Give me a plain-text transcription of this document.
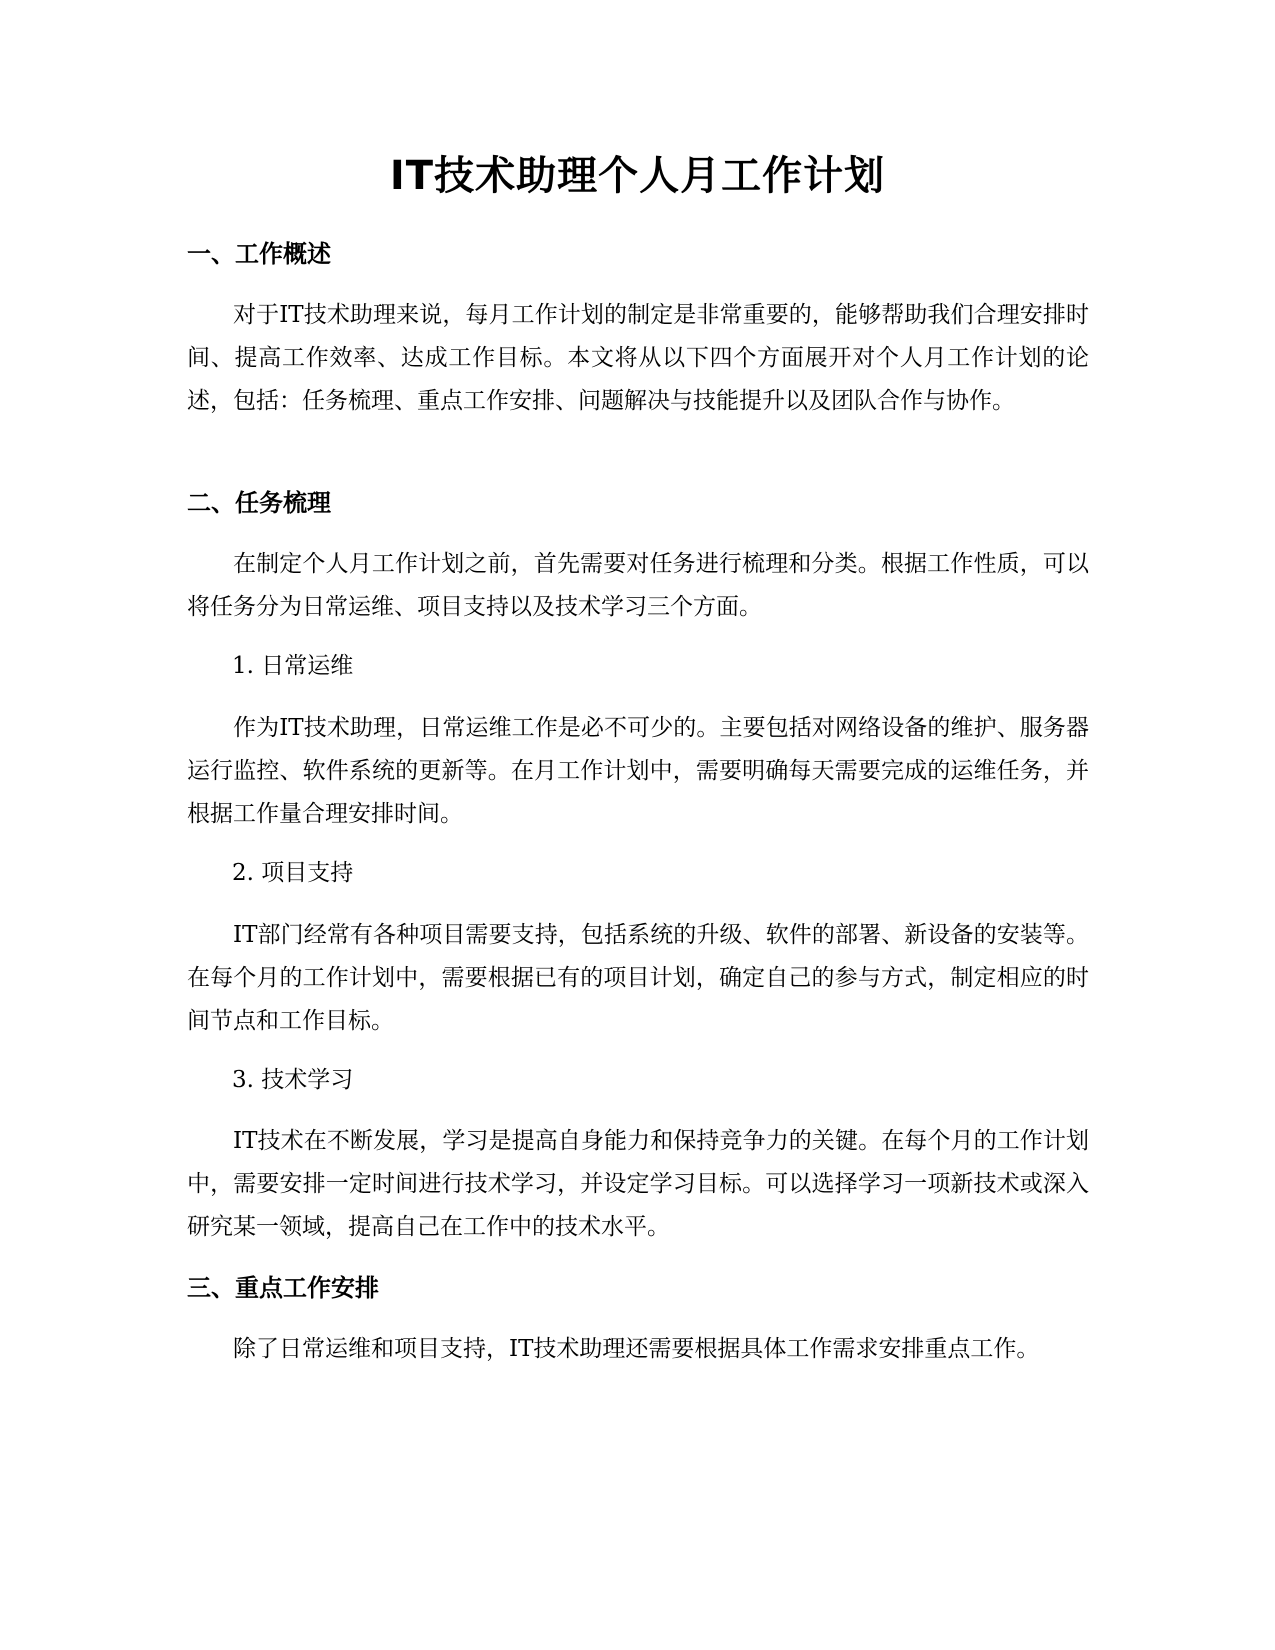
IT技术助理个人月工作计划
一、工作概述
对于IT技术助理来说，每月工作计划的制定是非常重要的，能够帮助我们合理安排时间、提高工作效率、达成工作目标。本文将从以下四个方面展开对个人月工作计划的论述，包括：任务梳理、重点工作安排、问题解决与技能提升以及团队合作与协作。
二、任务梳理
在制定个人月工作计划之前，首先需要对任务进行梳理和分类。根据工作性质，可以将任务分为日常运维、项目支持以及技术学习三个方面。
1. 日常运维
作为IT技术助理，日常运维工作是必不可少的。主要包括对网络设备的维护、服务器运行监控、软件系统的更新等。在月工作计划中，需要明确每天需要完成的运维任务，并根据工作量合理安排时间。
2. 项目支持
IT部门经常有各种项目需要支持，包括系统的升级、软件的部署、新设备的安装等。在每个月的工作计划中，需要根据已有的项目计划，确定自己的参与方式，制定相应的时间节点和工作目标。
3. 技术学习
IT技术在不断发展，学习是提高自身能力和保持竞争力的关键。在每个月的工作计划中，需要安排一定时间进行技术学习，并设定学习目标。可以选择学习一项新技术或深入研究某一领域，提高自己在工作中的技术水平。
三、重点工作安排
除了日常运维和项目支持，IT技术助理还需要根据具体工作需求安排重点工作。
